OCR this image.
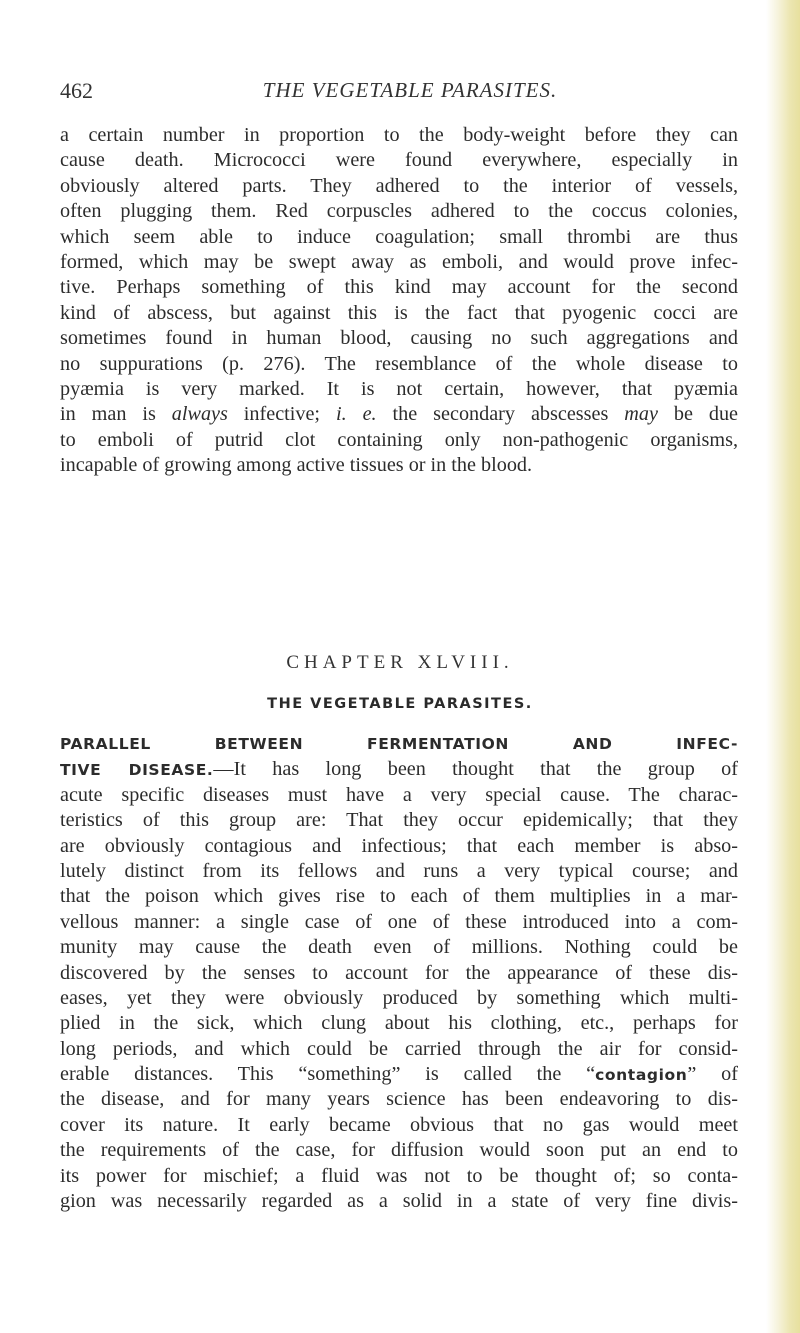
462	THE VEGETABLE PARASITES.
a certain number in proportion to the body-weight before they can
cause death. Micrococci were found everywhere, especially in
obviously altered parts. They adhered to the interior of vessels,
often plugging them. Red corpuscles adhered to the coccus colonies,
which seem able to induce coagulation; small thrombi are thus
formed, which may be swept away as emboli, and would prove infec-
tive. Perhaps something of this kind may account for the second
kind of abscess, but against this is the fact that pyogenic cocci are
sometimes found in human blood, causing no such aggregations and
no suppurations (p. 276). The resemblance of the whole disease to
pyæmia is very marked. It is not certain, however, that pyæmia
in man is always infective; i. e. the secondary abscesses may be due
to emboli of putrid clot containing only non-pathogenic organisms,
incapable of growing among active tissues or in the blood.
CHAPTER XLVIII.
THE VEGETABLE PARASITES.
PARALLEL BETWEEN FERMENTATION AND INFEC-
TIVE DISEASE.—It has long been thought that the group of
acute specific diseases must have a very special cause. The charac-
teristics of this group are: That they occur epidemically; that they
are obviously contagious and infectious; that each member is abso-
lutely distinct from its fellows and runs a very typical course; and
that the poison which gives rise to each of them multiplies in a mar-
vellous manner: a single case of one of these introduced into a com-
munity may cause the death even of millions. Nothing could be
discovered by the senses to account for the appearance of these dis-
eases, yet they were obviously produced by something which multi-
plied in the sick, which clung about his clothing, etc., perhaps for
long periods, and which could be carried through the air for consid-
erable distances. This “something” is called the “contagion” of
the disease, and for many years science has been endeavoring to dis-
cover its nature. It early became obvious that no gas would meet
the requirements of the case, for diffusion would soon put an end to
its power for mischief; a fluid was not to be thought of; so conta-
gion was necessarily regarded as a solid in a state of very fine divis-
